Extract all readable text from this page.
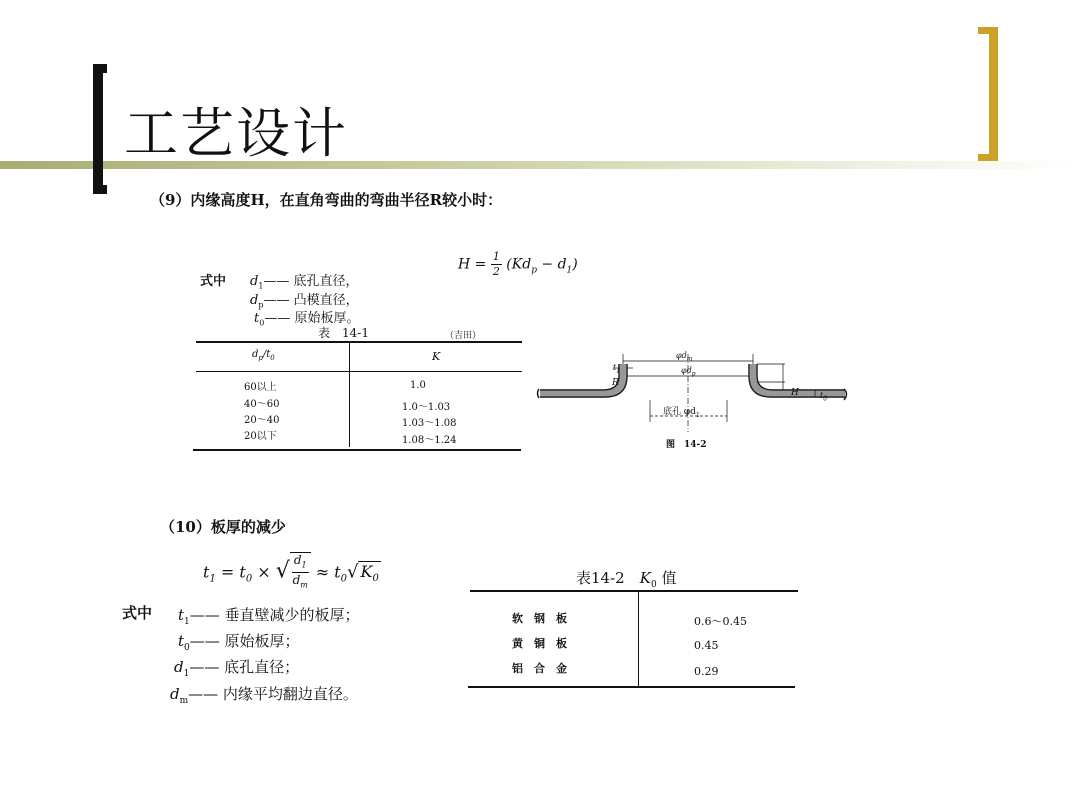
工艺设计
（9）内缘高度H，在直角弯曲的弯曲半径R较小时：
$H = \frac{1}{2} (Kd_p - d_1)$
式中 $d_1——$ 底孔直径，
$d_p——$ 凸模直径，
$t_0——$ 原始板厚。
表　14-1	（吉田）
$d_p/t_0$	K
60以上	1.0
40～60	1.0～1.03
20～40	1.03～1.08
20以下	1.08～1.24
$\varphi d_m$
$\varphi d_p$
$t_1$
R
H	$t_0$
底孔 $\varphi d_1$
图　14-2
（10）板厚的减少
$t_1 = t_0$ × √ $\frac{d_1}{d_m} \approx t_0√$ $K_0$
式中 $t_1——$ 垂直壁减少的板厚；
$t_0——$ 原始板厚；
$d_1——$ 底孔直径；
$d_m——$ 内缘平均翻边直径。
表14-2　 $K_0$ 值
软　钢　板	0.6～0.45
黄　铜　板	0.45
铝　合　金	0.29
